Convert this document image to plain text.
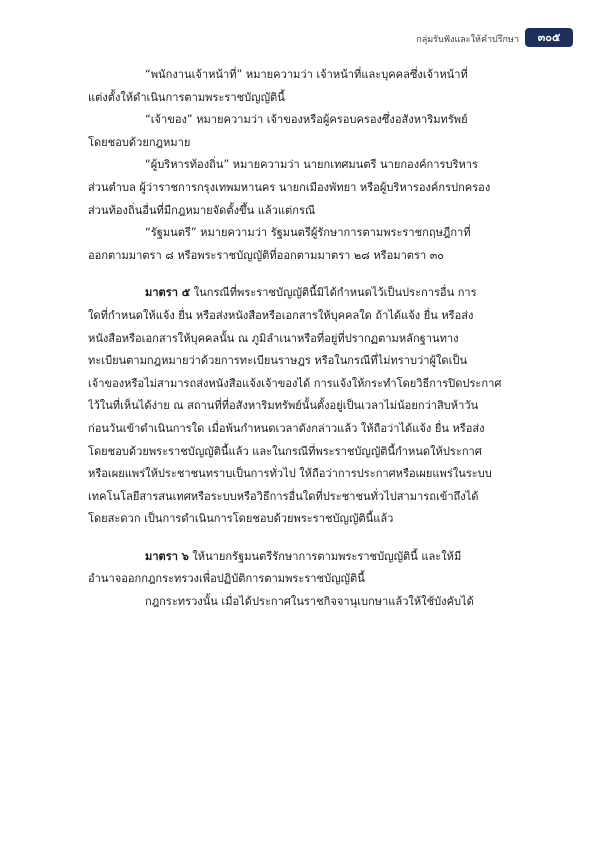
กลุ่มรับฟังและให้คำปรึกษา	๓๐๕
“พนักงานเจ้าหน้าที่” หมายความว่า เจ้าหน้าที่และบุคคลซึ่งเจ้าหน้าที่
แต่งตั้งให้ดำเนินการตามพระราชบัญญัตินี้
“เจ้าของ” หมายความว่า เจ้าของหรือผู้ครอบครองซึ่งอสังหาริมทรัพย์
โดยชอบด้วยกฎหมาย
“ผู้บริหารท้องถิ่น” หมายความว่า นายกเทศมนตรี นายกองค์การบริหาร
ส่วนตำบล ผู้ว่าราชการกรุงเทพมหานคร นายกเมืองพัทยา หรือผู้บริหารองค์กรปกครอง
ส่วนท้องถิ่นอื่นที่มีกฎหมายจัดตั้งขึ้น แล้วแต่กรณี
“รัฐมนตรี” หมายความว่า รัฐมนตรีผู้รักษาการตามพระราชกฤษฎีกาที่
ออกตามมาตรา ๘ หรือพระราชบัญญัติที่ออกตามมาตรา ๒๘ หรือมาตรา ๓๐
มาตรา ๕ ในกรณีที่พระราชบัญญัตินี้มิได้กำหนดไว้เป็นประการอื่น การ
ใดที่กำหนดให้แจ้ง ยื่น หรือส่งหนังสือหรือเอกสารให้บุคคลใด ถ้าได้แจ้ง ยื่น หรือส่ง
หนังสือหรือเอกสารให้บุคคลนั้น ณ ภูมิลำเนาหรือที่อยู่ที่ปรากฏตามหลักฐานทาง
ทะเบียนตามกฎหมายว่าด้วยการทะเบียนราษฎร หรือในกรณีที่ไม่ทราบว่าผู้ใดเป็น
เจ้าของหรือไม่สามารถส่งหนังสือแจ้งเจ้าของได้ การแจ้งให้กระทำโดยวิธีการปิดประกาศ
ไว้ในที่เห็นได้ง่าย ณ สถานที่ที่อสังหาริมทรัพย์นั้นตั้งอยู่เป็นเวลาไม่น้อยกว่าสิบห้าวัน
ก่อนวันเข้าดำเนินการใด เมื่อพ้นกำหนดเวลาดังกล่าวแล้ว ให้ถือว่าได้แจ้ง ยื่น หรือส่ง
โดยชอบด้วยพระราชบัญญัตินี้แล้ว และในกรณีที่พระราชบัญญัตินี้กำหนดให้ประกาศ
หรือเผยแพร่ให้ประชาชนทราบเป็นการทั่วไป ให้ถือว่าการประกาศหรือเผยแพร่ในระบบ
เทคโนโลยีสารสนเทศหรือระบบหรือวิธีการอื่นใดที่ประชาชนทั่วไปสามารถเข้าถึงได้
โดยสะดวก เป็นการดำเนินการโดยชอบด้วยพระราชบัญญัตินี้แล้ว
มาตรา ๖ ให้นายกรัฐมนตรีรักษาการตามพระราชบัญญัตินี้ และให้มี
อำนาจออกกฎกระทรวงเพื่อปฏิบัติการตามพระราชบัญญัตินี้
กฎกระทรวงนั้น เมื่อได้ประกาศในราชกิจจานุเบกษาแล้วให้ใช้บังคับได้
